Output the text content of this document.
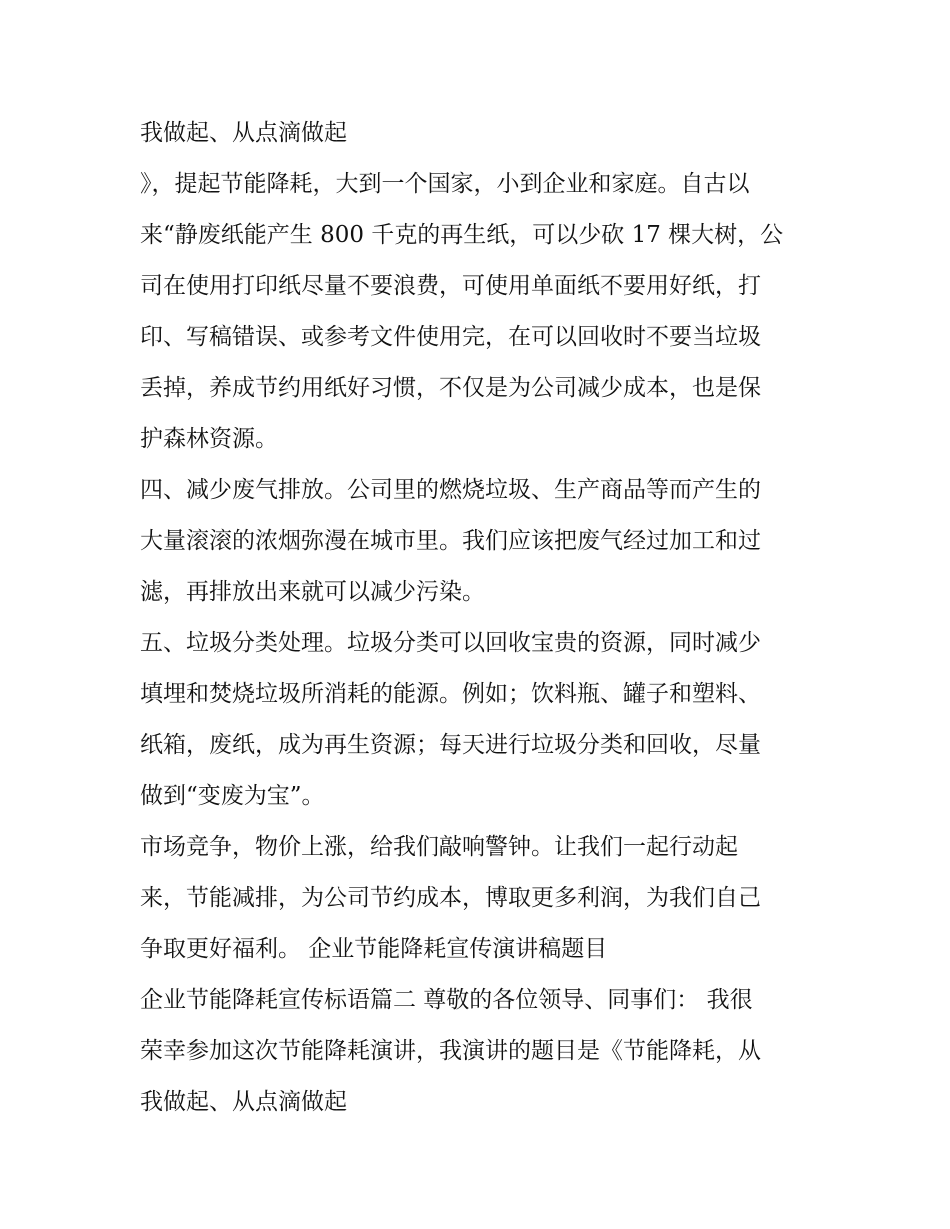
我做起、从点滴做起
》，提起节能降耗，大到一个国家，小到企业和家庭。自古以
来“静废纸能产生 800 千克的再生纸，可以少砍 17 棵大树，公
司在使用打印纸尽量不要浪费，可使用单面纸不要用好纸，打
印、写稿错误、或参考文件使用完，在可以回收时不要当垃圾
丢掉，养成节约用纸好习惯，不仅是为公司减少成本，也是保
护森林资源。
四、减少废气排放。公司里的燃烧垃圾、生产商品等而产生的
大量滚滚的浓烟弥漫在城市里。我们应该把废气经过加工和过
滤，再排放出来就可以减少污染。
五、垃圾分类处理。垃圾分类可以回收宝贵的资源，同时减少
填埋和焚烧垃圾所消耗的能源。例如；饮料瓶、罐子和塑料、
纸箱，废纸，成为再生资源；每天进行垃圾分类和回收，尽量
做到“变废为宝”。
市场竞争，物价上涨，给我们敲响警钟。让我们一起行动起
来，节能减排，为公司节约成本，博取更多利润，为我们自己
争取更好福利。 企业节能降耗宣传演讲稿题目
企业节能降耗宣传标语篇二 尊敬的各位领导、同事们： 我很
荣幸参加这次节能降耗演讲，我演讲的题目是《节能降耗，从
我做起、从点滴做起
